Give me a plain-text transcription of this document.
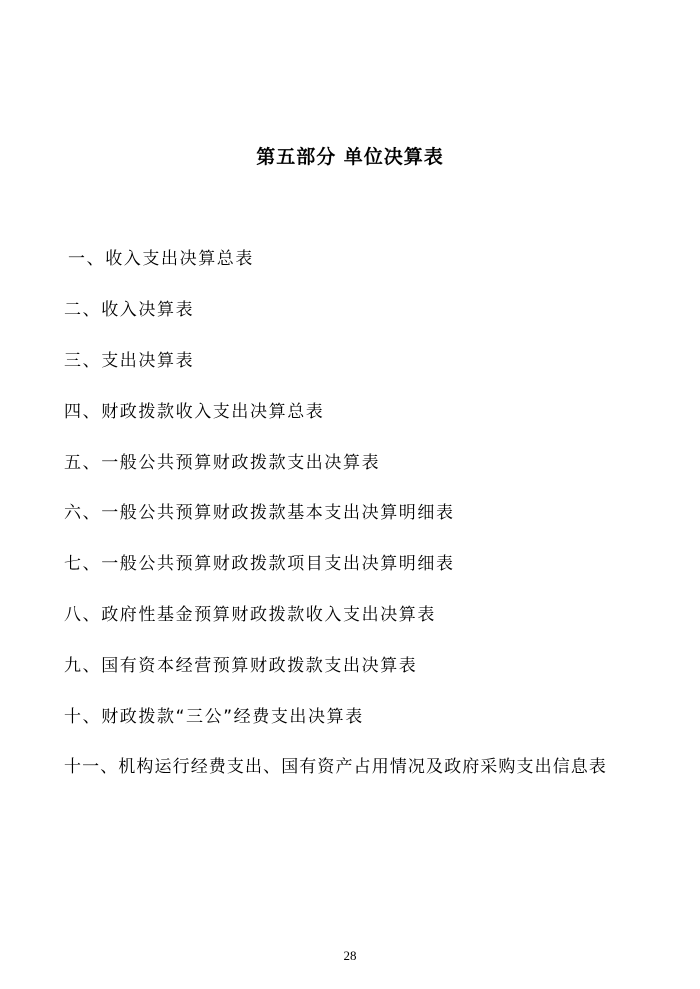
第五部分 单位决算表
一、收入支出决算总表
二、收入决算表
三、支出决算表
四、财政拨款收入支出决算总表
五、一般公共预算财政拨款支出决算表
六、一般公共预算财政拨款基本支出决算明细表
七、一般公共预算财政拨款项目支出决算明细表
八、政府性基金预算财政拨款收入支出决算表
九、国有资本经营预算财政拨款支出决算表
十、财政拨款“三公”经费支出决算表
十一、机构运行经费支出、国有资产占用情况及政府采购支出信息表
28
